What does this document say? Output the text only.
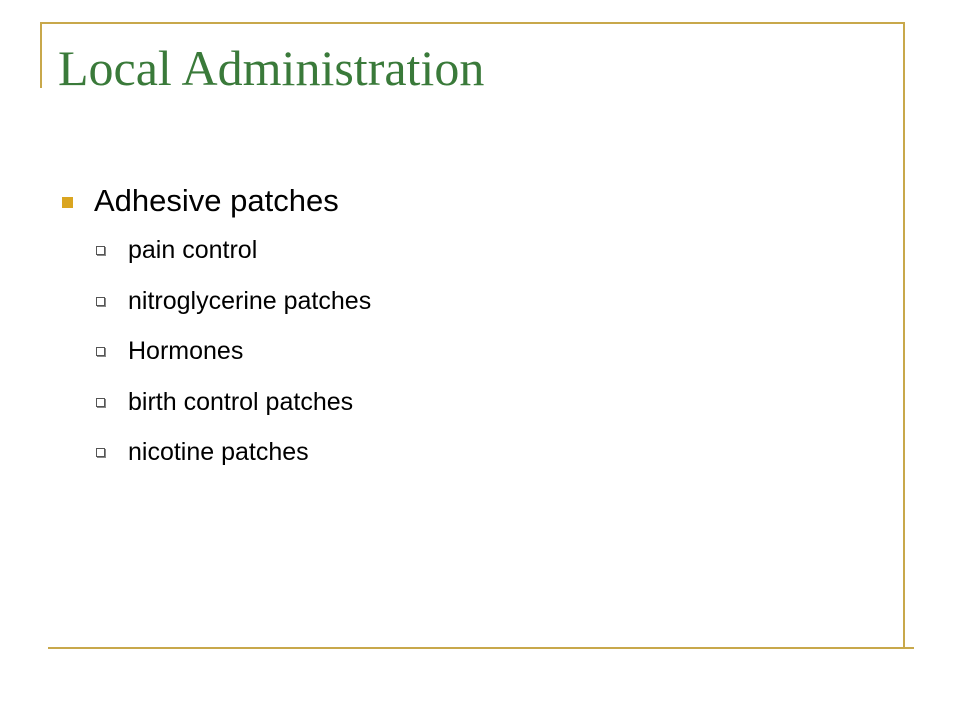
Local Administration
Adhesive patches
pain control
nitroglycerine patches
Hormones
birth control patches
nicotine patches
